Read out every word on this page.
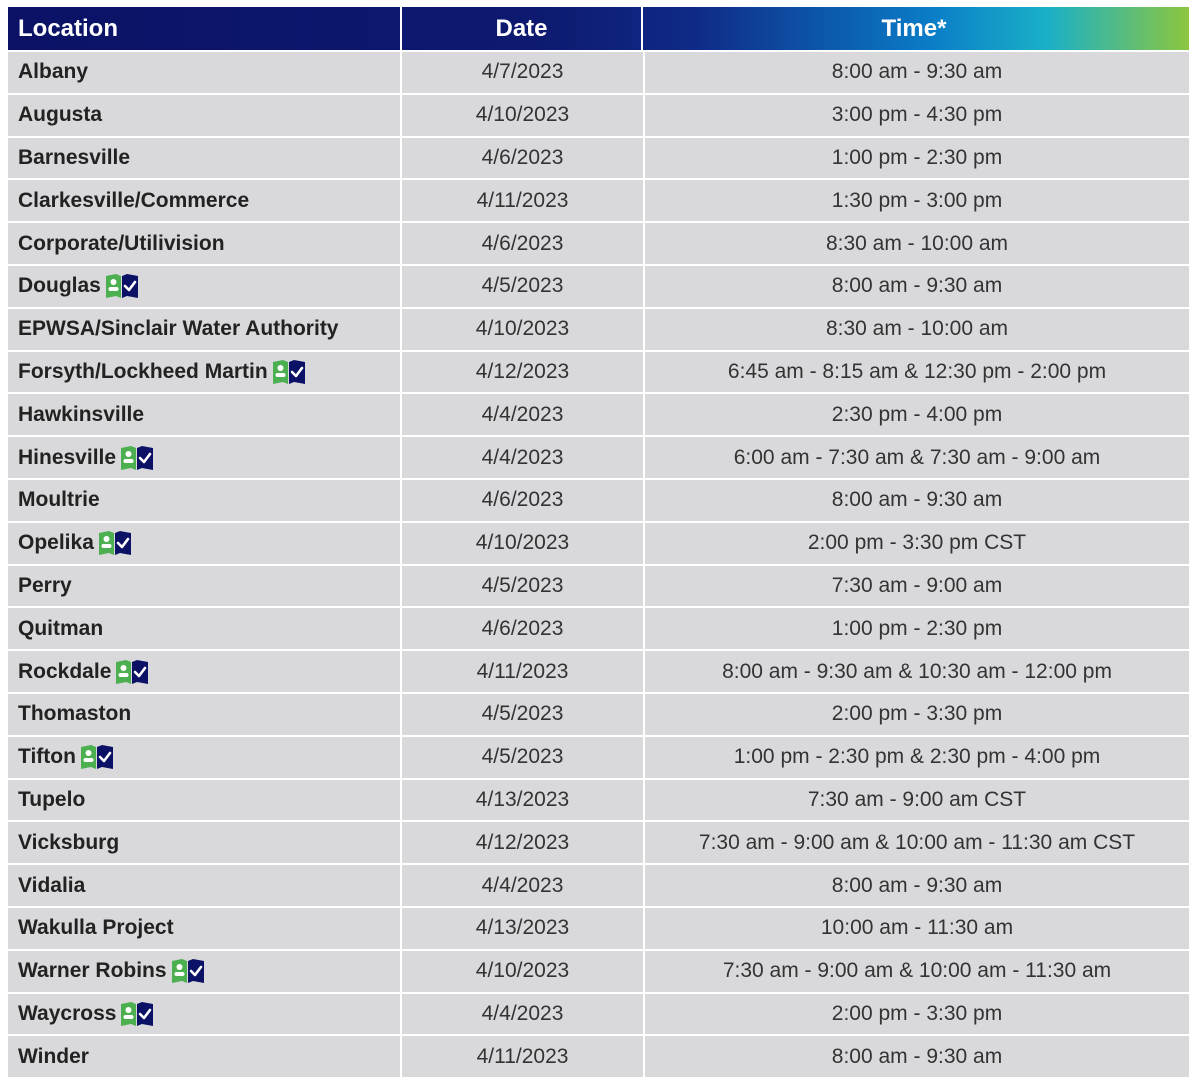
Location	Date	Time*
Albany	4/7/2023	8:00 am - 9:30 am
Augusta	4/10/2023	3:00 pm - 4:30 pm
Barnesville	4/6/2023	1:00 pm - 2:30 pm
Clarkesville/Commerce	4/11/2023	1:30 pm - 3:00 pm
Corporate/Utilivision	4/6/2023	8:30 am - 10:00 am
Douglas	4/5/2023	8:00 am - 9:30 am
EPWSA/Sinclair Water Authority	4/10/2023	8:30 am - 10:00 am
Forsyth/Lockheed Martin	4/12/2023	6:45 am - 8:15 am & 12:30 pm - 2:00 pm
Hawkinsville	4/4/2023	2:30 pm - 4:00 pm
Hinesville	4/4/2023	6:00 am - 7:30 am & 7:30 am - 9:00 am
Moultrie	4/6/2023	8:00 am - 9:30 am
Opelika	4/10/2023	2:00 pm - 3:30 pm CST
Perry	4/5/2023	7:30 am - 9:00 am
Quitman	4/6/2023	1:00 pm - 2:30 pm
Rockdale	4/11/2023	8:00 am - 9:30 am & 10:30 am - 12:00 pm
Thomaston	4/5/2023	2:00 pm - 3:30 pm
Tifton	4/5/2023	1:00 pm - 2:30 pm & 2:30 pm - 4:00 pm
Tupelo	4/13/2023	7:30 am - 9:00 am CST
Vicksburg	4/12/2023	7:30 am - 9:00 am & 10:00 am - 11:30 am CST
Vidalia	4/4/2023	8:00 am - 9:30 am
Wakulla Project	4/13/2023	10:00 am - 11:30 am
Warner Robins	4/10/2023	7:30 am - 9:00 am & 10:00 am - 11:30 am
Waycross	4/4/2023	2:00 pm - 3:30 pm
Winder	4/11/2023	8:00 am - 9:30 am
